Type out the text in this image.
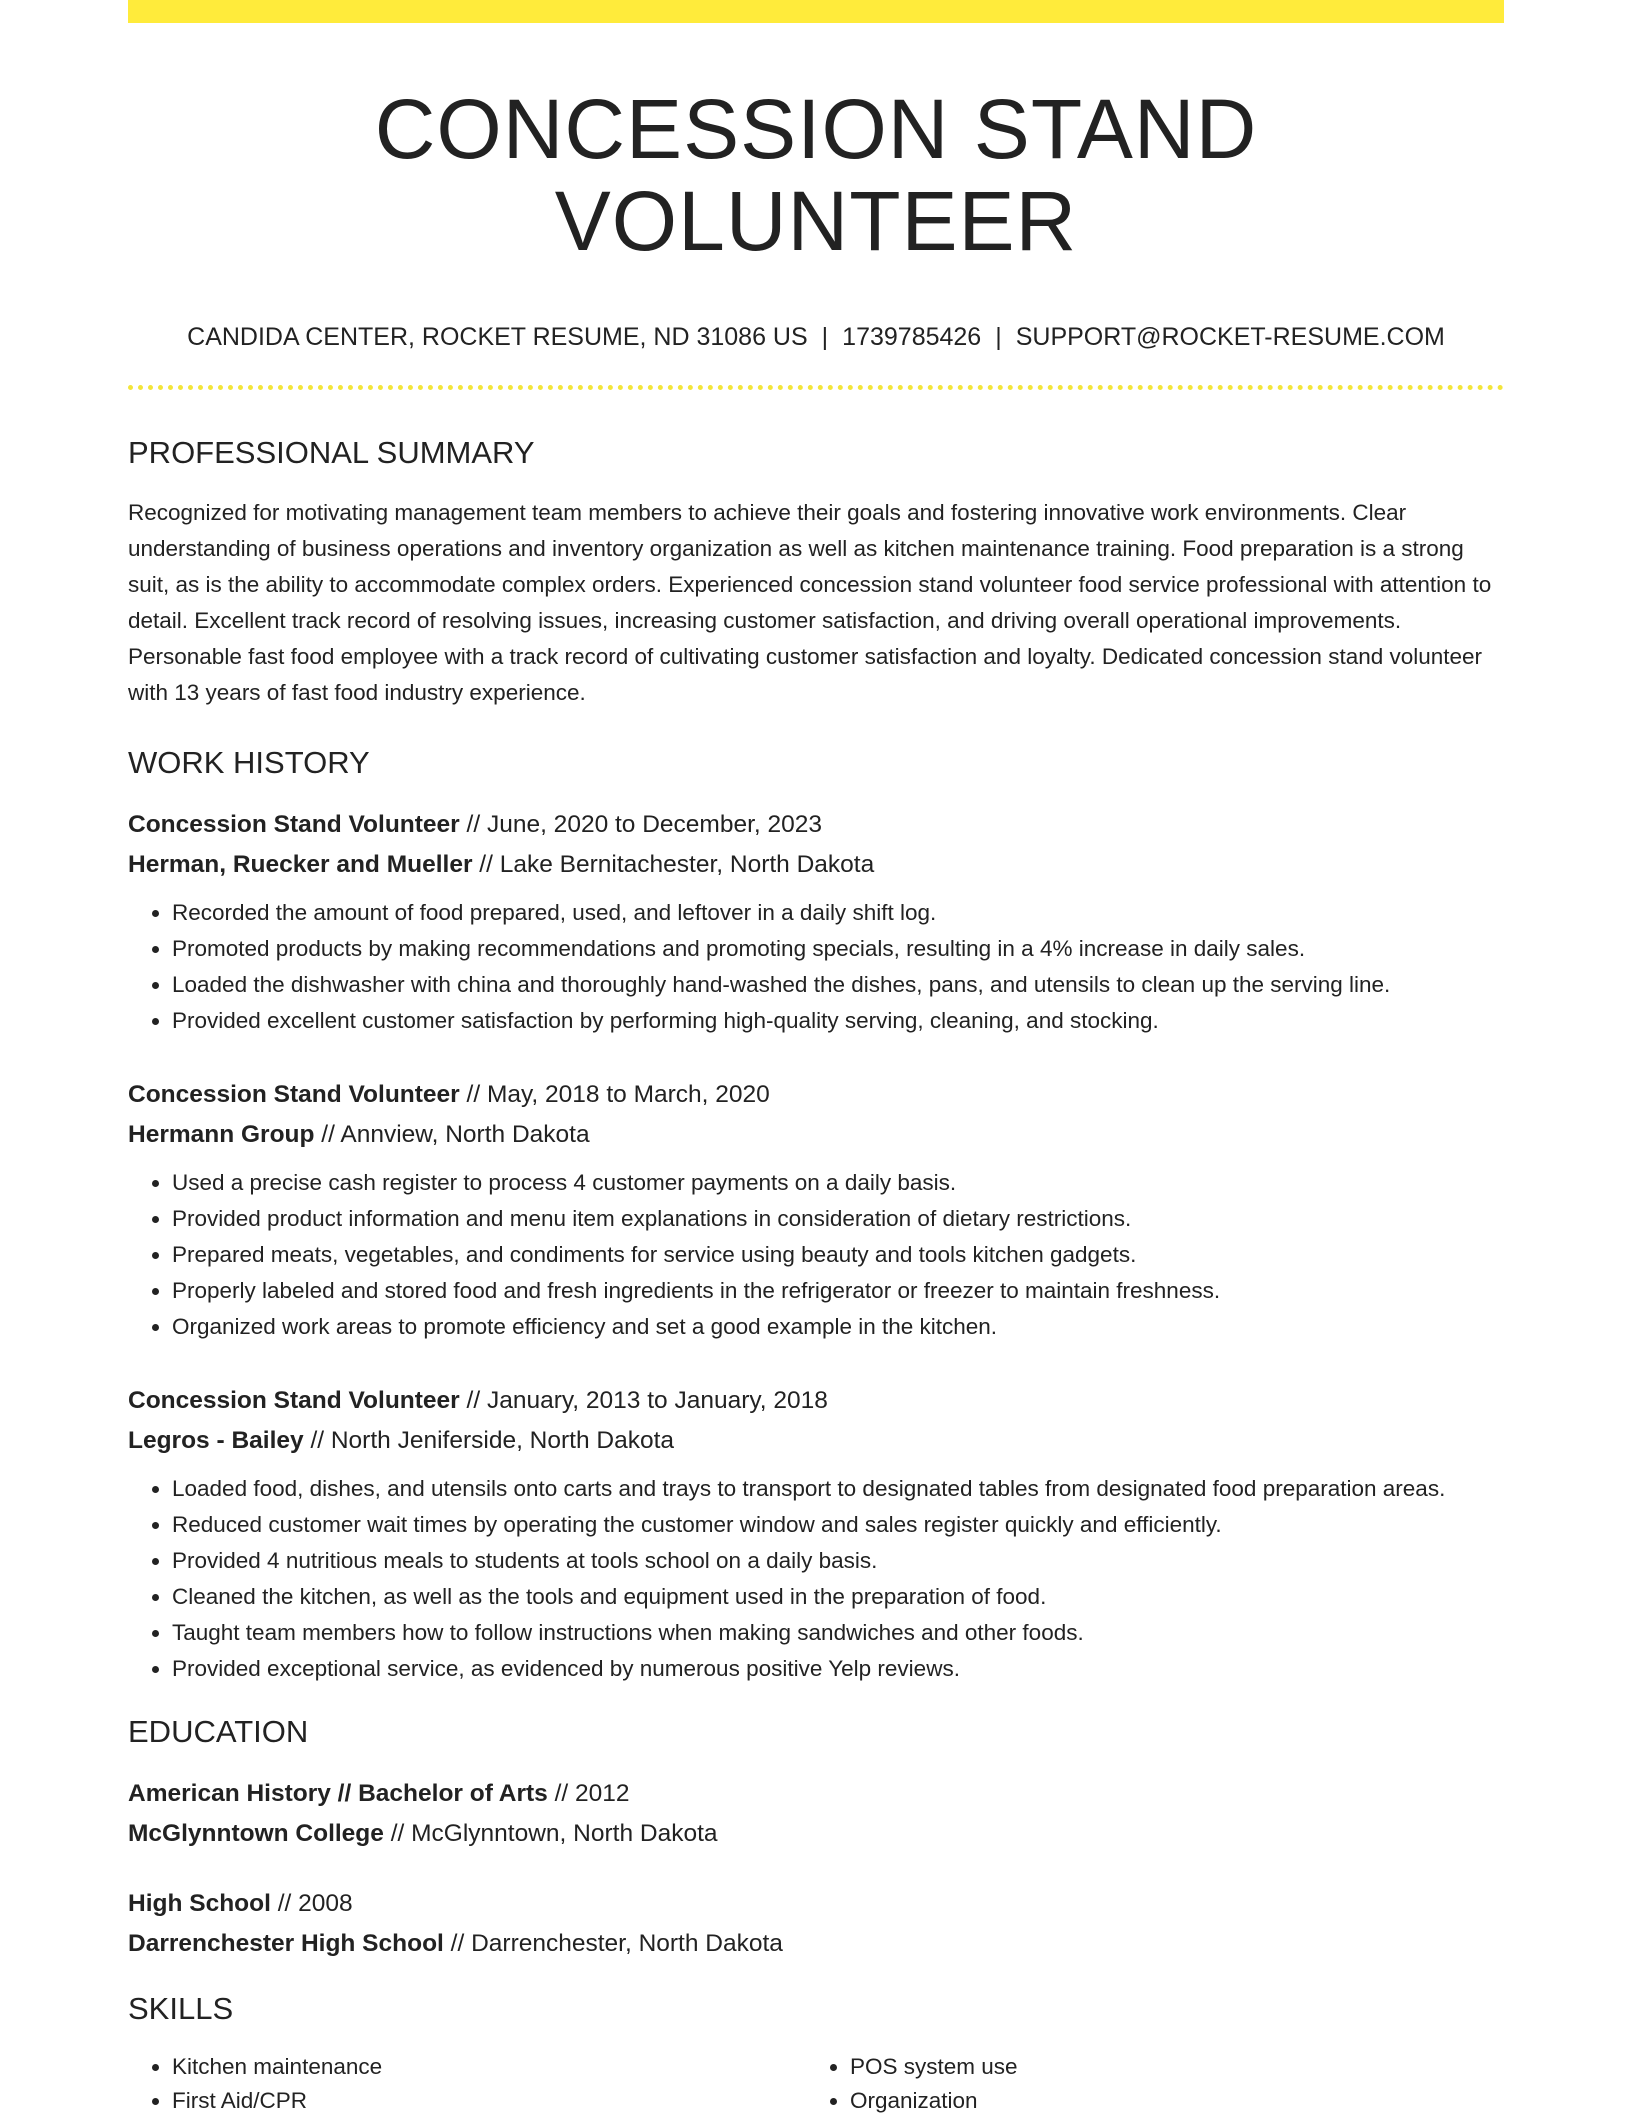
CONCESSION STAND VOLUNTEER
CANDIDA CENTER, ROCKET RESUME, ND 31086 US | 1739785426 | SUPPORT@ROCKET-RESUME.COM
PROFESSIONAL SUMMARY

Recognized for motivating management team members to achieve their goals and fostering innovative work environments. Clear understanding of business operations and inventory organization as well as kitchen maintenance training. Food preparation is a strong suit, as is the ability to accommodate complex orders. Experienced concession stand volunteer food service professional with attention to detail. Excellent track record of resolving issues, increasing customer satisfaction, and driving overall operational improvements. Personable fast food employee with a track record of cultivating customer satisfaction and loyalty. Dedicated concession stand volunteer with 13 years of fast food industry experience.

WORK HISTORY
Concession Stand Volunteer // June, 2020 to December, 2023
Herman, Ruecker and Mueller // Lake Bernitachester, North Dakota
• Recorded the amount of food prepared, used, and leftover in a daily shift log.
• Promoted products by making recommendations and promoting specials, resulting in a 4% increase in daily sales.
• Loaded the dishwasher with china and thoroughly hand-washed the dishes, pans, and utensils to clean up the serving line.
• Provided excellent customer satisfaction by performing high-quality serving, cleaning, and stocking.
Concession Stand Volunteer // May, 2018 to March, 2020
Hermann Group // Annview, North Dakota
• Used a precise cash register to process 4 customer payments on a daily basis.
• Provided product information and menu item explanations in consideration of dietary restrictions.
• Prepared meats, vegetables, and condiments for service using beauty and tools kitchen gadgets.
• Properly labeled and stored food and fresh ingredients in the refrigerator or freezer to maintain freshness.
• Organized work areas to promote efficiency and set a good example in the kitchen.
Concession Stand Volunteer // January, 2013 to January, 2018
Legros - Bailey // North Jeniferside, North Dakota
• Loaded food, dishes, and utensils onto carts and trays to transport to designated tables from designated food preparation areas.
• Reduced customer wait times by operating the customer window and sales register quickly and efficiently.
• Provided 4 nutritious meals to students at tools school on a daily basis.
• Cleaned the kitchen, as well as the tools and equipment used in the preparation of food.
• Taught team members how to follow instructions when making sandwiches and other foods.
• Provided exceptional service, as evidenced by numerous positive Yelp reviews.
EDUCATION
American History // Bachelor of Arts // 2012
McGlynntown College // McGlynntown, North Dakota
High School // 2008
Darrenchester High School // Darrenchester, North Dakota
SKILLS
• Kitchen maintenance
• First Aid/CPR
• POS system use
• Organization
